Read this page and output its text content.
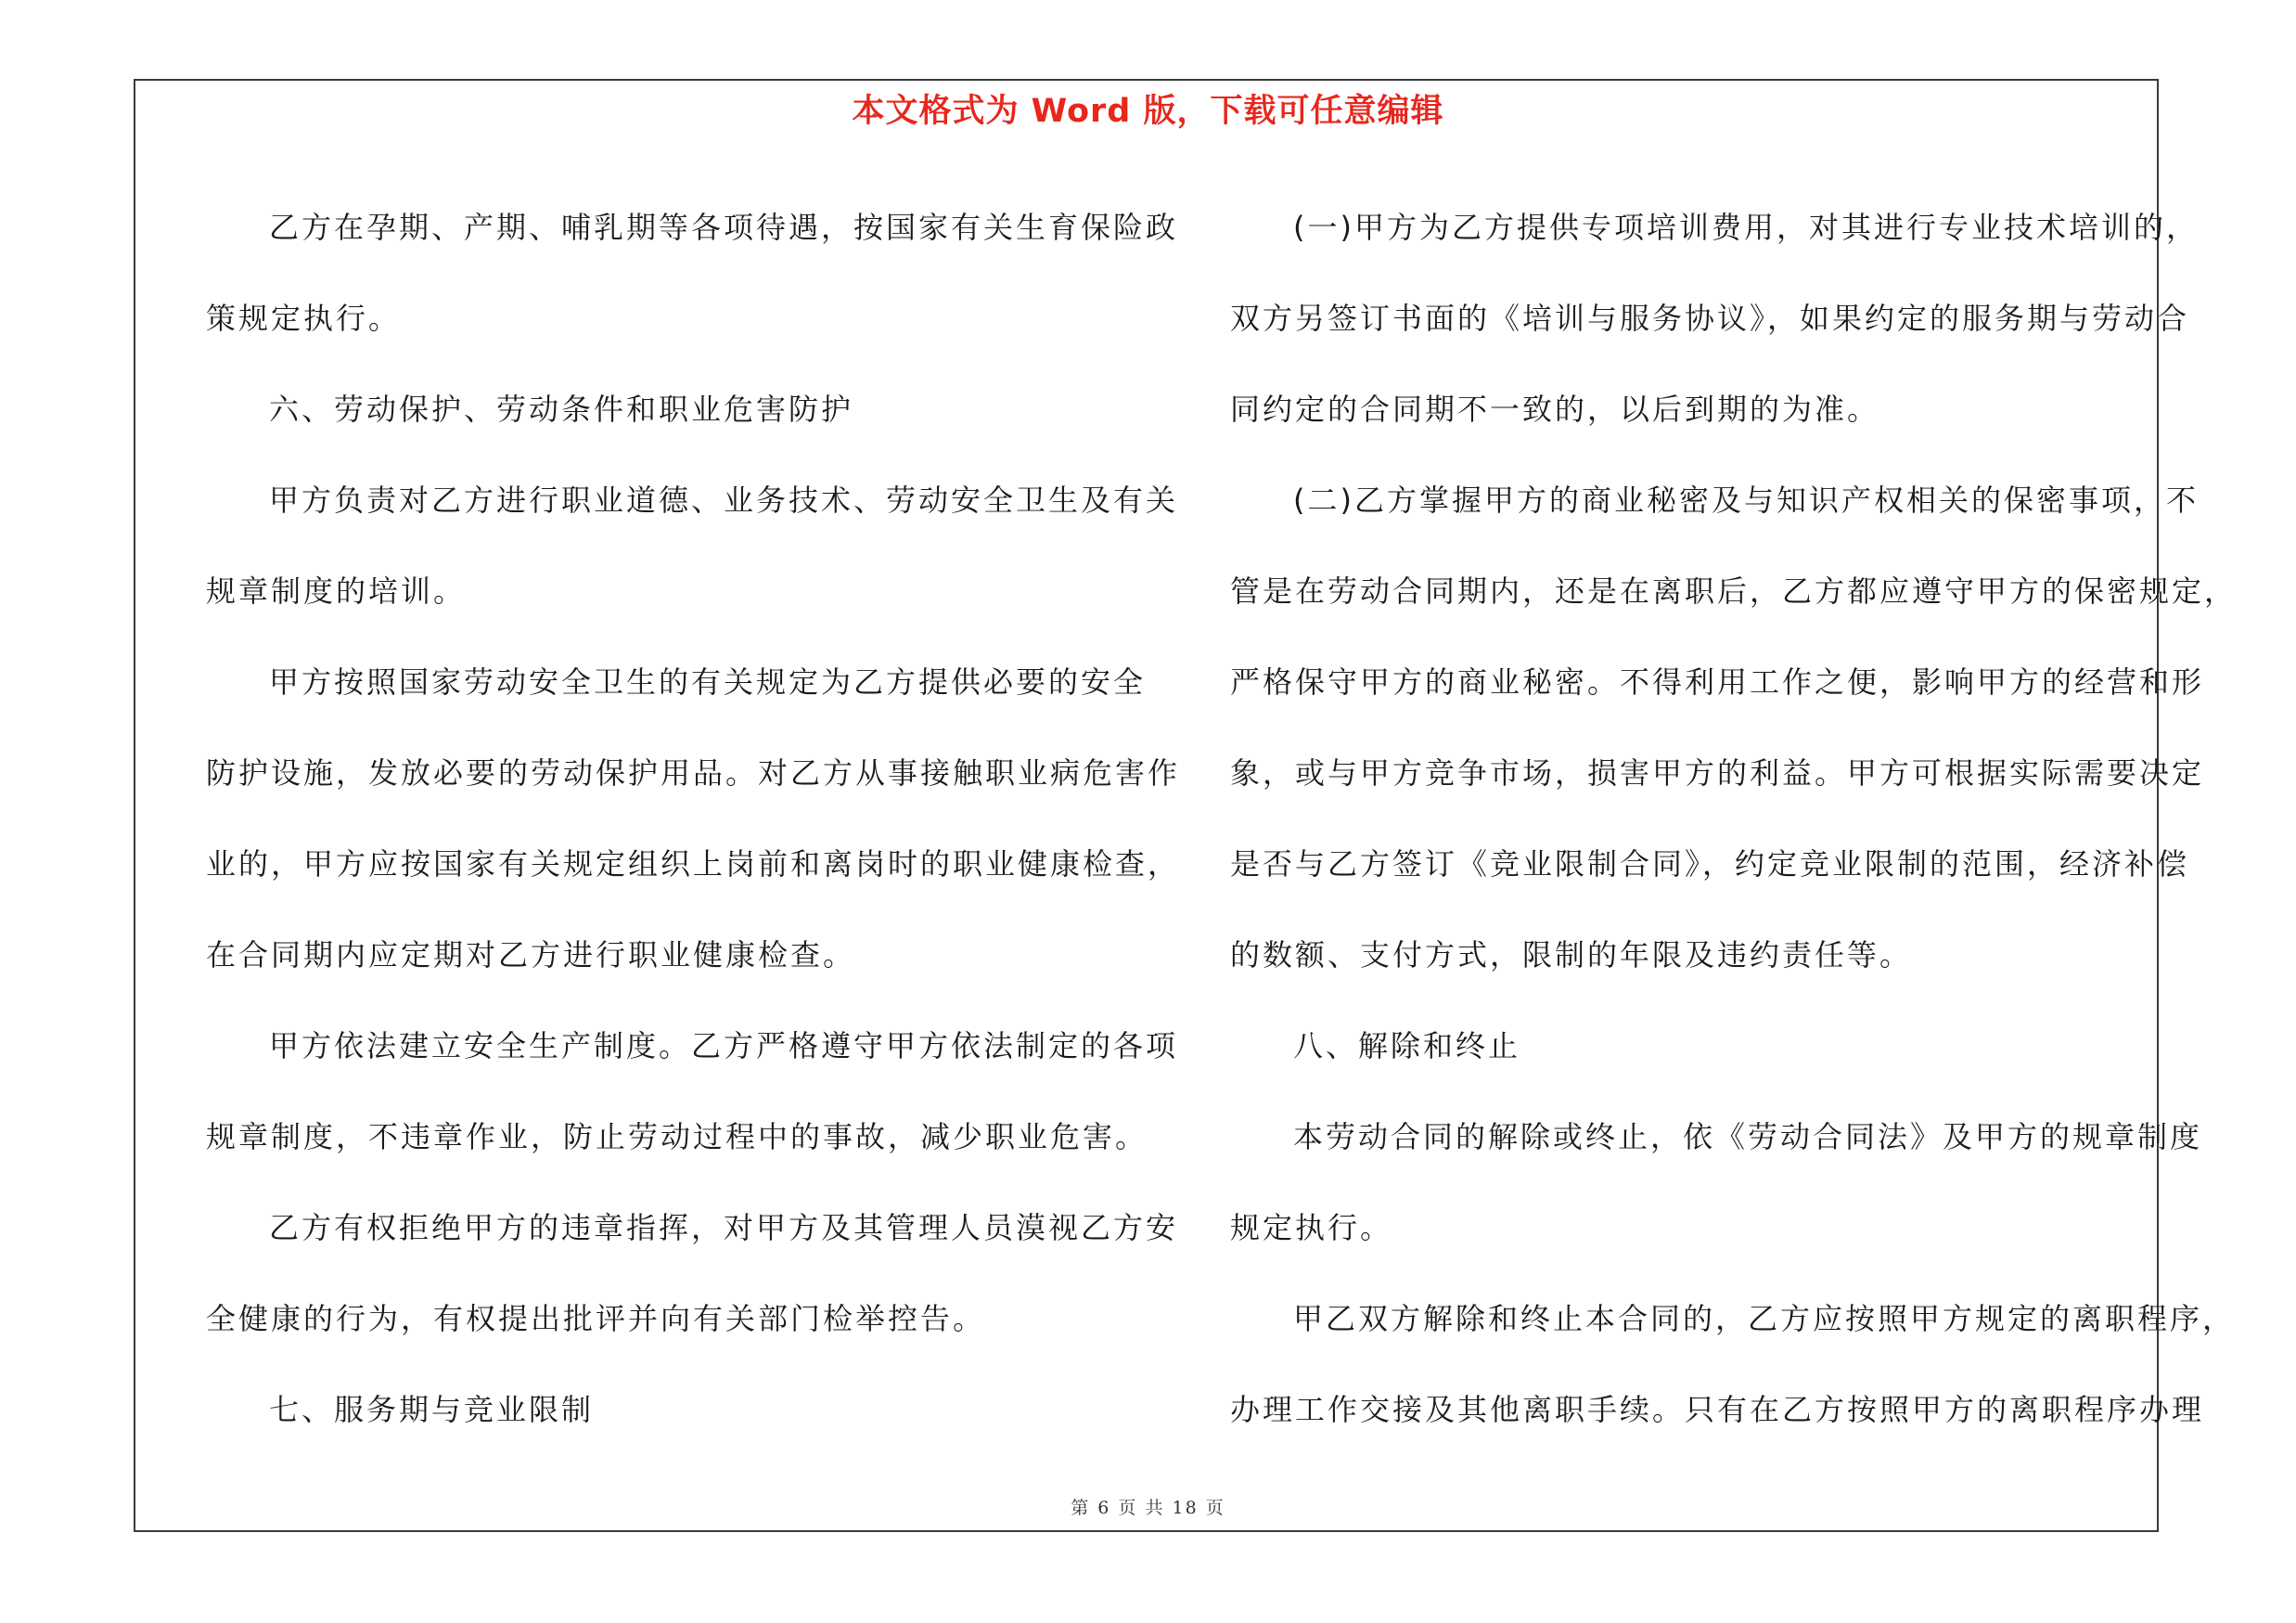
本文格式为 Word 版，下载可任意编辑
乙方在孕期、产期、哺乳期等各项待遇，按国家有关生育保险政
策规定执行。
六、劳动保护、劳动条件和职业危害防护
甲方负责对乙方进行职业道德、业务技术、劳动安全卫生及有关
规章制度的培训。
甲方按照国家劳动安全卫生的有关规定为乙方提供必要的安全
防护设施，发放必要的劳动保护用品。对乙方从事接触职业病危害作
业的，甲方应按国家有关规定组织上岗前和离岗时的职业健康检查，
在合同期内应定期对乙方进行职业健康检查。
甲方依法建立安全生产制度。乙方严格遵守甲方依法制定的各项
规章制度，不违章作业，防止劳动过程中的事故，减少职业危害。
乙方有权拒绝甲方的违章指挥，对甲方及其管理人员漠视乙方安
全健康的行为，有权提出批评并向有关部门检举控告。
七、服务期与竞业限制
(一)甲方为乙方提供专项培训费用，对其进行专业技术培训的，
双方另签订书面的《培训与服务协议》，如果约定的服务期与劳动合
同约定的合同期不一致的，以后到期的为准。
(二)乙方掌握甲方的商业秘密及与知识产权相关的保密事项，不
管是在劳动合同期内，还是在离职后，乙方都应遵守甲方的保密规定，
严格保守甲方的商业秘密。不得利用工作之便，影响甲方的经营和形
象，或与甲方竞争市场，损害甲方的利益。甲方可根据实际需要决定
是否与乙方签订《竞业限制合同》，约定竞业限制的范围，经济补偿
的数额、支付方式，限制的年限及违约责任等。
八、解除和终止
本劳动合同的解除或终止，依《劳动合同法》及甲方的规章制度
规定执行。
甲乙双方解除和终止本合同的，乙方应按照甲方规定的离职程序，
办理工作交接及其他离职手续。只有在乙方按照甲方的离职程序办理
第 6 页 共 18 页
